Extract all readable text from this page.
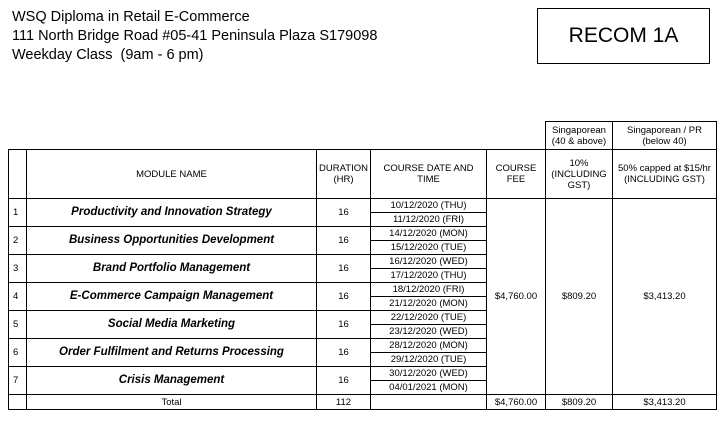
WSQ Diploma in Retail E-Commerce
111 North Bridge Road #05-41 Peninsula Plaza S179098
Weekday Class  (9am - 6 pm)
RECOM 1A
					Singaporean (40 & above)	Singaporean / PR (below 40)
	MODULE NAME	DURATION (HR)	COURSE DATE AND TIME	COURSE FEE	10% (INCLUDING GST)	50% capped at $15/hr (INCLUDING GST)
1	Productivity and Innovation Strategy	16	10/12/2020 (THU)	$4,760.00	$809.20	$3,413.20
			11/12/2020 (FRI)			
2	Business Opportunities Development	16	14/12/2020 (MON)			
			15/12/2020 (TUE)			
3	Brand Portfolio Management	16	16/12/2020 (WED)			
			17/12/2020 (THU)			
4	E-Commerce Campaign Management	16	18/12/2020 (FRI)			
			21/12/2020 (MON)			
5	Social Media Marketing	16	22/12/2020 (TUE)			
			23/12/2020 (WED)			
6	Order Fulfilment and Returns Processing	16	28/12/2020 (MON)			
			29/12/2020 (TUE)			
7	Crisis Management	16	30/12/2020 (WED)			
			04/01/2021 (MON)			
	Total	112		$4,760.00	$809.20	$3,413.20
